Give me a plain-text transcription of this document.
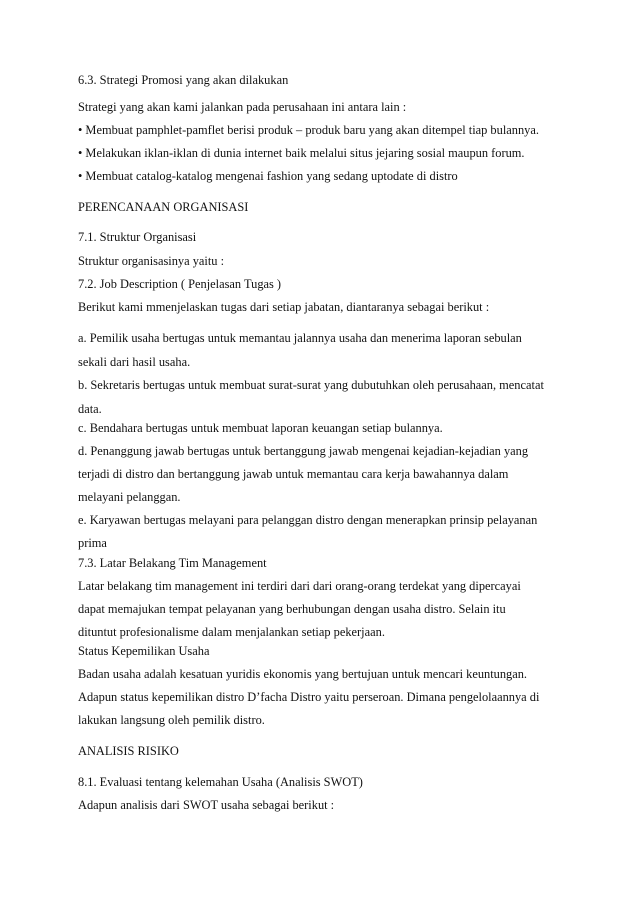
6.3. Strategi Promosi yang akan dilakukan
Strategi yang akan kami jalankan pada perusahaan ini antara lain :
• Membuat pamphlet-pamflet berisi produk – produk baru yang akan ditempel tiap bulannya.
• Melakukan iklan-iklan di dunia internet baik melalui situs jejaring sosial maupun forum.
• Membuat catalog-katalog mengenai fashion yang sedang uptodate di distro
PERENCANAAN ORGANISASI
7.1. Struktur Organisasi
Struktur organisasinya yaitu :
7.2. Job Description ( Penjelasan Tugas )
Berikut kami mmenjelaskan tugas dari setiap jabatan, diantaranya sebagai berikut :
a. Pemilik usaha bertugas untuk memantau jalannya usaha dan menerima laporan sebulan
sekali dari hasil usaha.
b. Sekretaris bertugas untuk membuat surat-surat yang dubutuhkan oleh perusahaan, mencatat
data.
c. Bendahara bertugas untuk membuat laporan keuangan setiap bulannya.
d. Penanggung jawab bertugas untuk bertanggung jawab mengenai kejadian-kejadian yang
terjadi di distro dan bertanggung jawab untuk memantau cara kerja bawahannya dalam
melayani pelanggan.
e. Karyawan bertugas melayani para pelanggan distro dengan menerapkan prinsip pelayanan
prima
7.3. Latar Belakang Tim Management
Latar belakang tim management ini terdiri dari dari orang-orang terdekat yang dipercayai
dapat memajukan tempat pelayanan yang berhubungan dengan usaha distro. Selain itu
dituntut profesionalisme dalam menjalankan setiap pekerjaan.
Status Kepemilikan Usaha
Badan usaha adalah kesatuan yuridis ekonomis yang bertujuan untuk mencari keuntungan.
Adapun status kepemilikan distro D’facha Distro yaitu perseroan. Dimana pengelolaannya di
lakukan langsung oleh pemilik distro.
ANALISIS RISIKO
8.1. Evaluasi tentang kelemahan Usaha (Analisis SWOT)
Adapun analisis dari SWOT usaha sebagai berikut :
